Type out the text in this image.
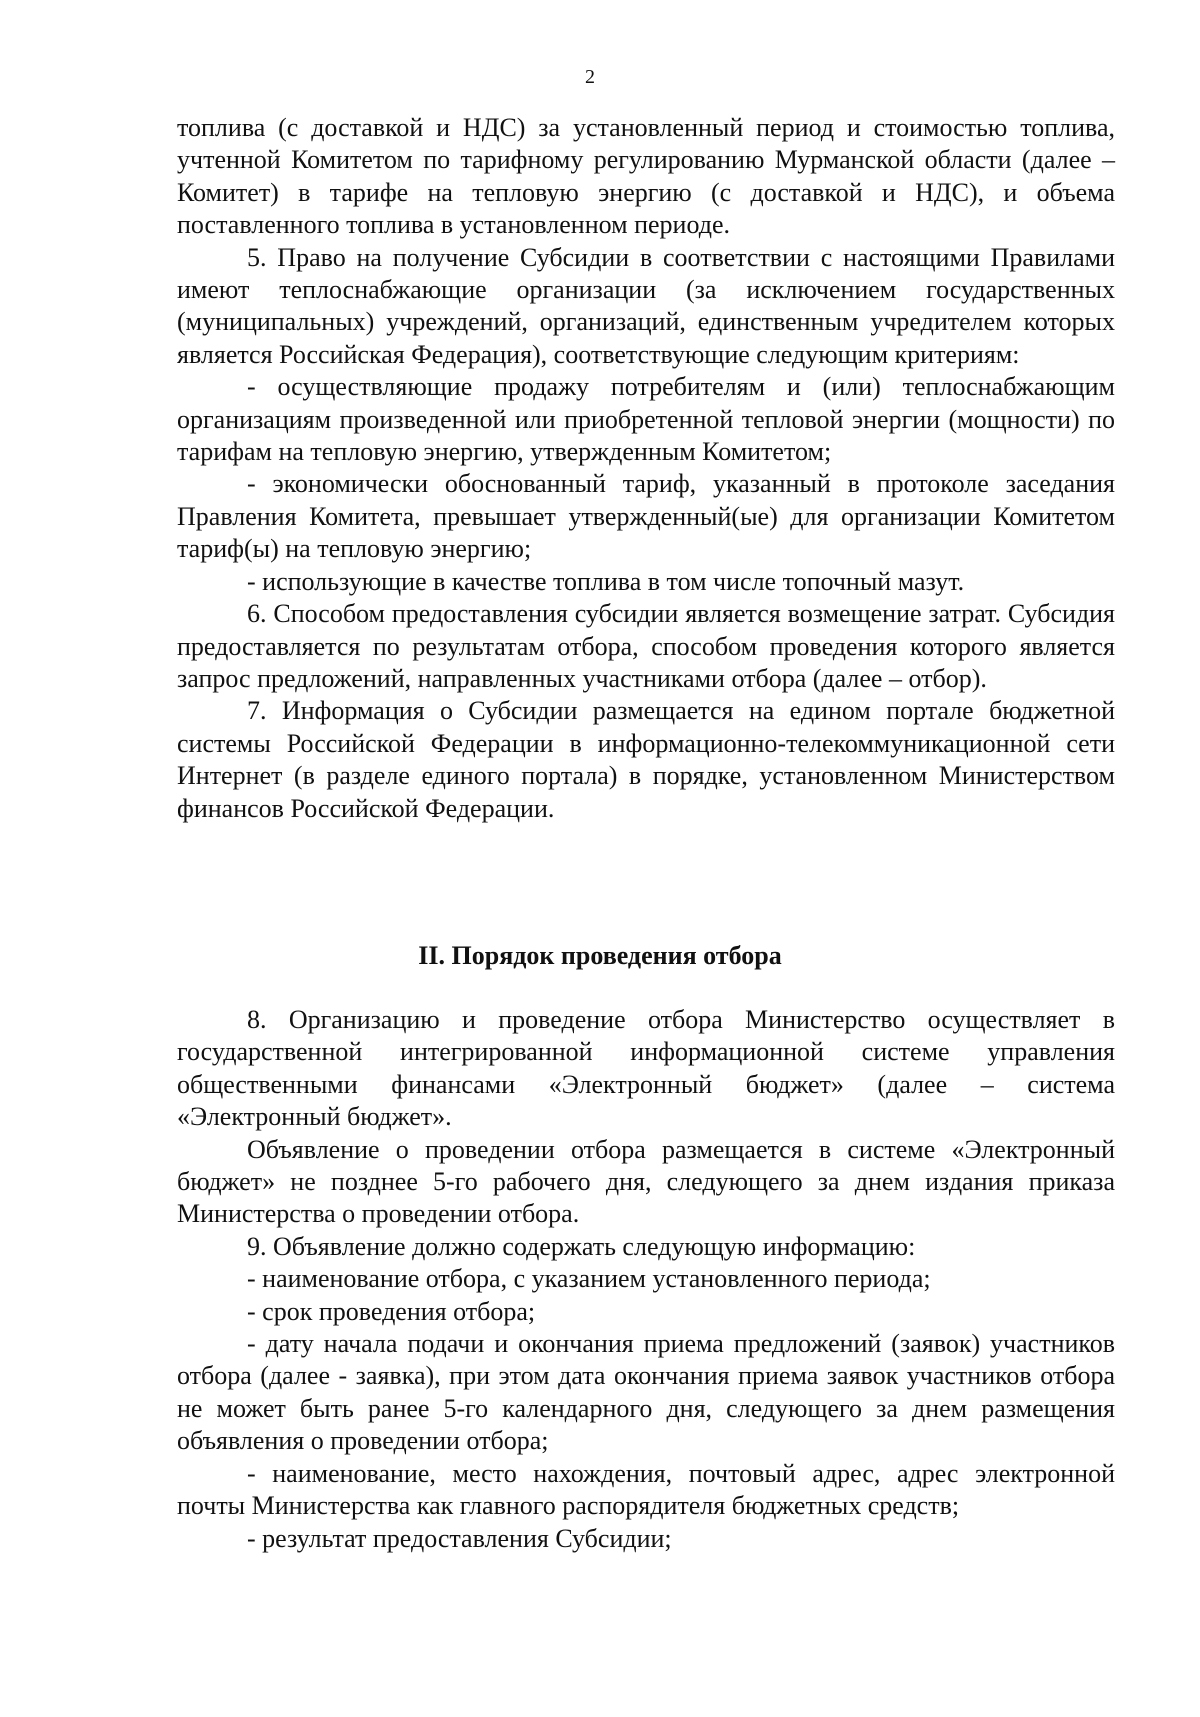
2

топлива (с доставкой и НДС) за установленный период и стоимостью топлива, учтенной Комитетом по тарифному регулированию Мурманской области (далее – Комитет) в тарифе на тепловую энергию (с доставкой и НДС), и объема поставленного топлива в установленном периоде.

5. Право на получение Субсидии в соответствии с настоящими Правилами имеют теплоснабжающие организации (за исключением государственных (муниципальных) учреждений, организаций, единственным учредителем которых является Российская Федерация), соответствующие следующим критериям:

- осуществляющие продажу потребителям и (или) теплоснабжающим организациям произведенной или приобретенной тепловой энергии (мощности) по тарифам на тепловую энергию, утвержденным Комитетом;

- экономически обоснованный тариф, указанный в протоколе заседания Правления Комитета, превышает утвержденный(ые) для организации Комитетом тариф(ы) на тепловую энергию;

- использующие в качестве топлива в том числе топочный мазут.

6. Способом предоставления субсидии является возмещение затрат. Субсидия предоставляется по результатам отбора, способом проведения которого является запрос предложений, направленных участниками отбора (далее – отбор).

7. Информация о Субсидии размещается на едином портале бюджетной системы Российской Федерации в информационно-телекоммуникационной сети Интернет (в разделе единого портала) в порядке, установленном Министерством финансов Российской Федерации.

II. Порядок проведения отбора

8. Организацию и проведение отбора Министерство осуществляет в государственной интегрированной информационной системе управления общественными финансами «Электронный бюджет» (далее – система «Электронный бюджет».

Объявление о проведении отбора размещается в системе «Электронный бюджет» не позднее 5-го рабочего дня, следующего за днем издания приказа Министерства о проведении отбора.

9. Объявление должно содержать следующую информацию:

- наименование отбора, с указанием установленного периода;

- срок проведения отбора;

- дату начала подачи и окончания приема предложений (заявок) участников отбора (далее - заявка), при этом дата окончания приема заявок участников отбора не может быть ранее 5-го календарного дня, следующего за днем размещения объявления о проведении отбора;

- наименование, место нахождения, почтовый адрес, адрес электронной почты Министерства как главного распорядителя бюджетных средств;

- результат предоставления Субсидии;
